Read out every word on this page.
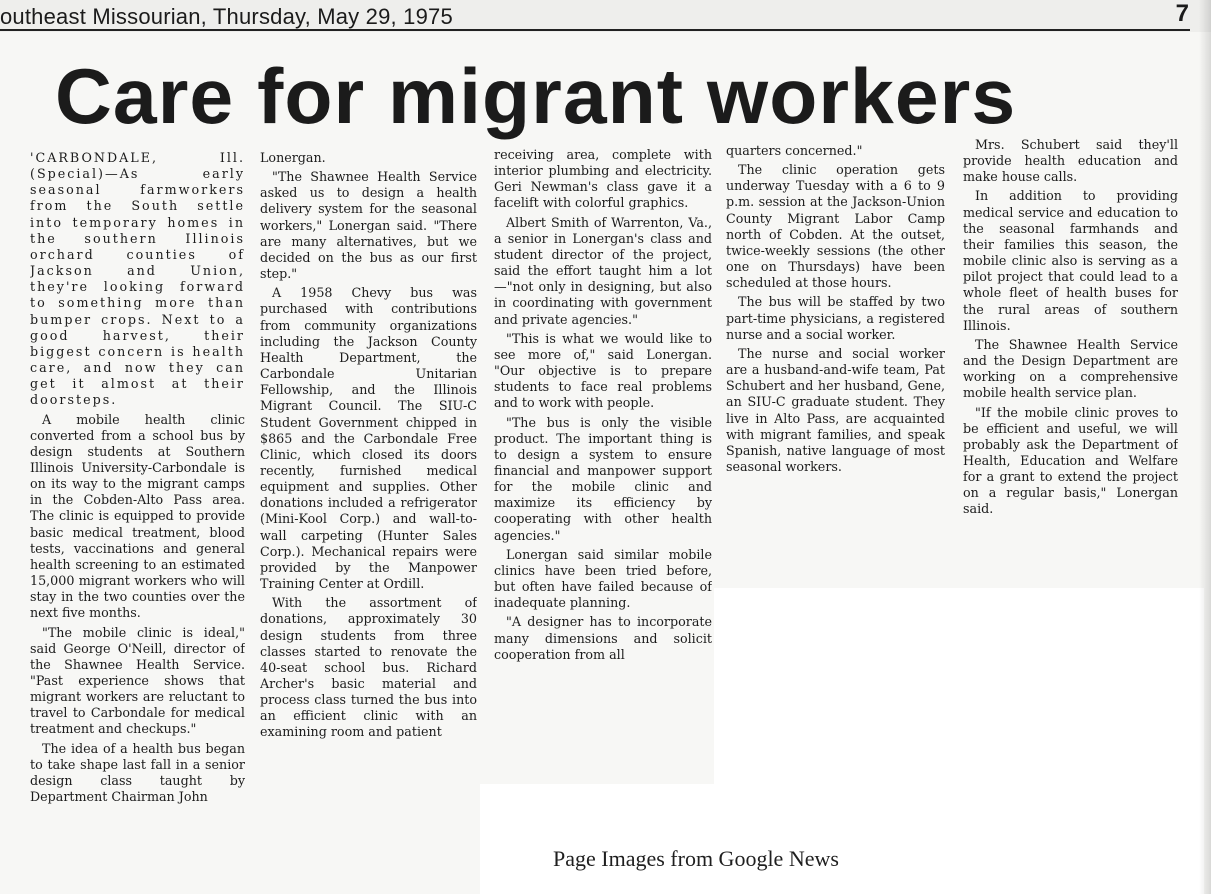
outheast Missourian, Thursday, May 29, 1975	7
Care for migrant workers

'CARBONDALE, Ill. (Special)—As early seasonal farmworkers from the South settle into temporary homes in the southern Illinois orchard counties of Jackson and Union, they're looking forward to something more than bumper crops. Next to a good harvest, their biggest concern is health care, and now they can get it almost at their doorsteps.

A mobile health clinic converted from a school bus by design students at Southern Illinois University-Carbondale is on its way to the migrant camps in the Cobden-Alto Pass area. The clinic is equipped to provide basic medical treatment, blood tests, vaccinations and general health screening to an estimated 15,000 migrant workers who will stay in the two counties over the next five months.

"The mobile clinic is ideal," said George O'Neill, director of the Shawnee Health Service. "Past experience shows that migrant workers are reluctant to travel to Carbondale for medical treatment and checkups."

The idea of a health bus began to take shape last fall in a senior design class taught by Department Chairman John

Lonergan.

"The Shawnee Health Service asked us to design a health delivery system for the seasonal workers," Lonergan said. "There are many alternatives, but we decided on the bus as our first step."

A 1958 Chevy bus was purchased with contributions from community organizations including the Jackson County Health Department, the Carbondale Unitarian Fellowship, and the Illinois Migrant Council. The SIU-C Student Government chipped in $865 and the Carbondale Free Clinic, which closed its doors recently, furnished medical equipment and supplies. Other donations included a refrigerator (Mini-Kool Corp.) and wall-to-wall carpeting (Hunter Sales Corp.). Mechanical repairs were provided by the Manpower Training Center at Ordill.

With the assortment of donations, approximately 30 design students from three classes started to renovate the 40-seat school bus. Richard Archer's basic material and process class turned the bus into an efficient clinic with an examining room and patient

receiving area, complete with interior plumbing and electricity. Geri Newman's class gave it a facelift with colorful graphics.

Albert Smith of Warrenton, Va., a senior in Lonergan's class and student director of the project, said the effort taught him a lot—"not only in designing, but also in coordinating with government and private agencies."

"This is what we would like to see more of," said Lonergan. "Our objective is to prepare students to face real problems and to work with people.

"The bus is only the visible product. The important thing is to design a system to ensure financial and manpower support for the mobile clinic and maximize its efficiency by cooperating with other health agencies."

Lonergan said similar mobile clinics have been tried before, but often have failed because of inadequate planning.

"A designer has to incorporate many dimensions and solicit cooperation from all

quarters concerned."

The clinic operation gets underway Tuesday with a 6 to 9 p.m. session at the Jackson-Union County Migrant Labor Camp north of Cobden. At the outset, twice-weekly sessions (the other one on Thursdays) have been scheduled at those hours.

The bus will be staffed by two part-time physicians, a registered nurse and a social worker.

The nurse and social worker are a husband-and-wife team, Pat Schubert and her husband, Gene, an SIU-C graduate student. They live in Alto Pass, are acquainted with migrant families, and speak Spanish, native language of most seasonal workers.

Mrs. Schubert said they'll provide health education and make house calls.

In addition to providing medical service and education to the seasonal farmhands and their families this season, the mobile clinic also is serving as a pilot project that could lead to a whole fleet of health buses for the rural areas of southern Illinois.

The Shawnee Health Service and the Design Department are working on a comprehensive mobile health service plan.

"If the mobile clinic proves to be efficient and useful, we will probably ask the Department of Health, Education and Welfare for a grant to extend the project on a regular basis," Lonergan said.

Page Images from Google News
